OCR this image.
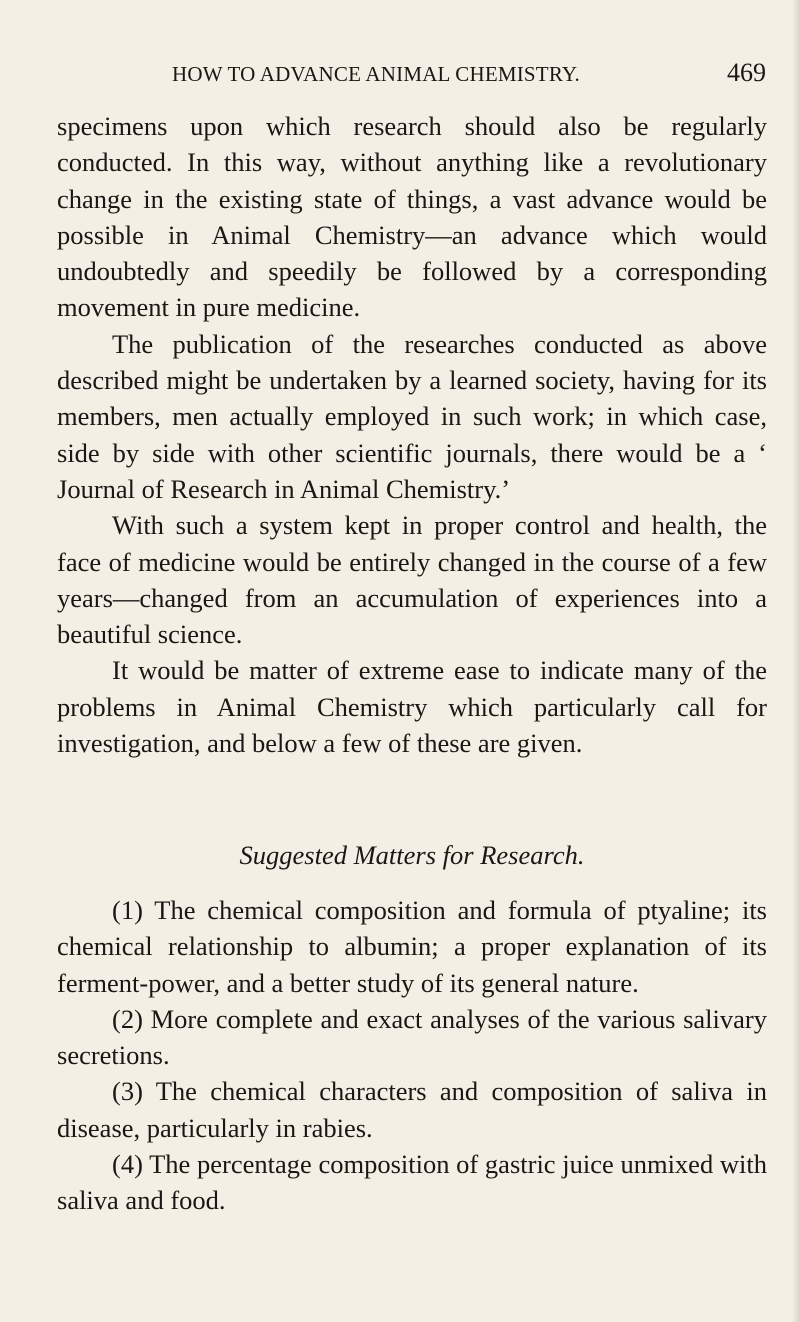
HOW TO ADVANCE ANIMAL CHEMISTRY.	469

specimens upon which research should also be regularly conducted. In this way, without anything like a revolutionary change in the existing state of things, a vast advance would be possible in Animal Chemistry—an advance which would undoubtedly and speedily be followed by a corresponding movement in pure medicine.

The publication of the researches conducted as above described might be undertaken by a learned society, having for its members, men actually employed in such work; in which case, side by side with other scientific journals, there would be a ‘ Journal of Research in Animal Chemistry.’

With such a system kept in proper control and health, the face of medicine would be entirely changed in the course of a few years—changed from an accumulation of experiences into a beautiful science.

It would be matter of extreme ease to indicate many of the problems in Animal Chemistry which particularly call for investigation, and below a few of these are given.

Suggested Matters for Research.

(1) The chemical composition and formula of ptyaline; its chemical relationship to albumin; a proper explanation of its ferment-power, and a better study of its general nature.

(2) More complete and exact analyses of the various salivary secretions.

(3) The chemical characters and composition of saliva in disease, particularly in rabies.

(4) The percentage composition of gastric juice unmixed with saliva and food.
